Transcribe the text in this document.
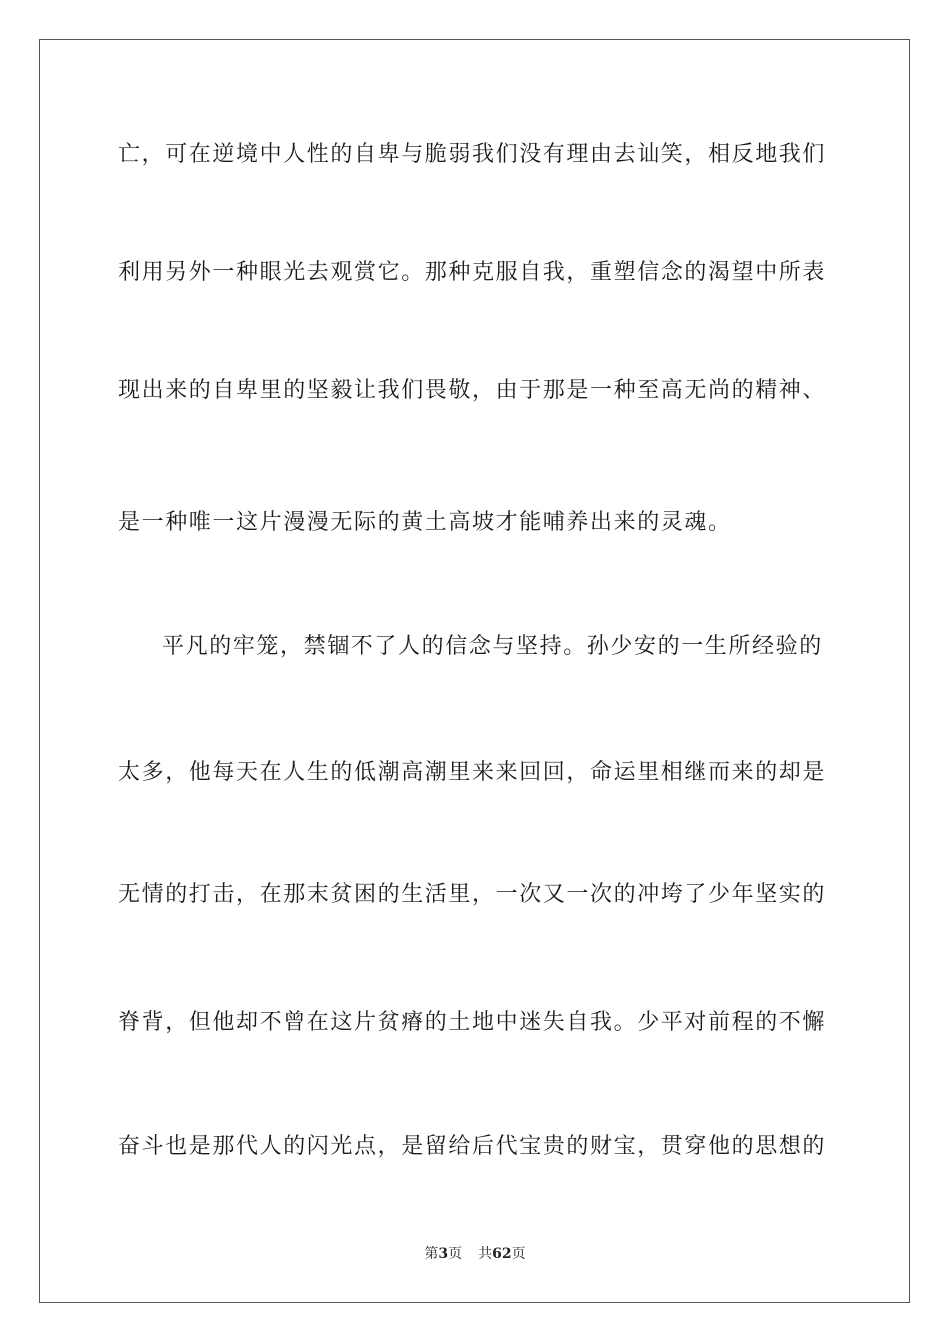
亡，可在逆境中人性的自卑与脆弱我们没有理由去讪笑，相反地我们
利用另外一种眼光去观赏它。那种克服自我，重塑信念的渴望中所表
现出来的自卑里的坚毅让我们畏敬，由于那是一种至高无尚的精神、
是一种唯一这片漫漫无际的黄土高坡才能哺养出来的灵魂。
平凡的牢笼，禁锢不了人的信念与坚持。孙少安的一生所经验的
太多，他每天在人生的低潮高潮里来来回回，命运里相继而来的却是
无情的打击，在那末贫困的生活里，一次又一次的冲垮了少年坚实的
脊背，但他却不曾在这片贫瘠的土地中迷失自我。少平对前程的不懈
奋斗也是那代人的闪光点，是留给后代宝贵的财宝，贯穿他的思想的
第3页 共62页
